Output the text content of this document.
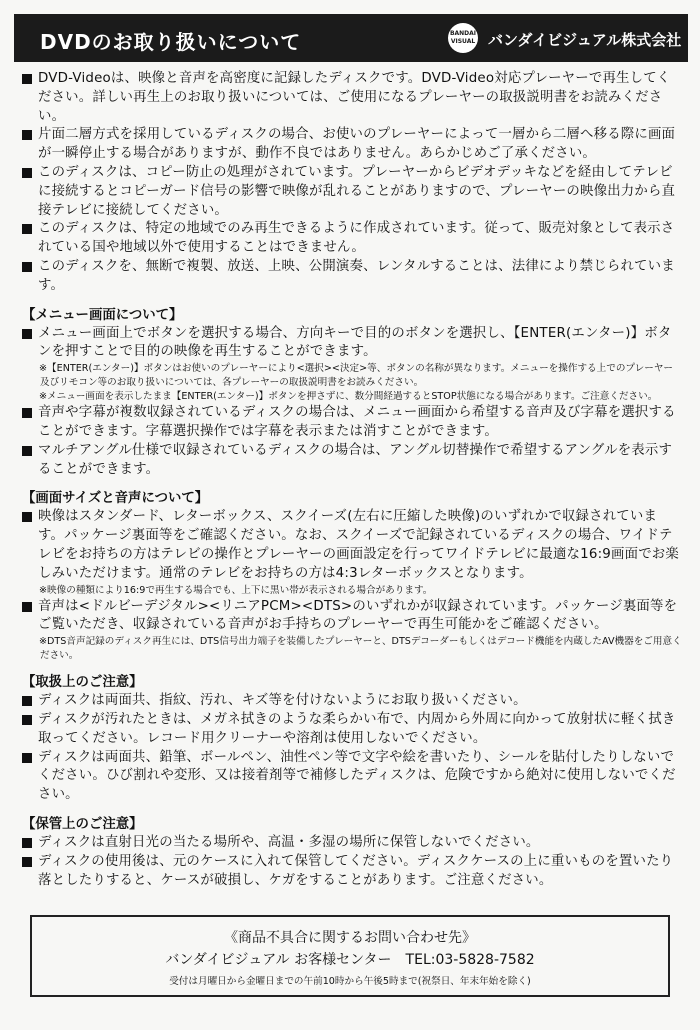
DVDのお取り扱いについて	BANDAI
VISUAL バンダイビジュアル株式会社
DVD-Videoは、映像と音声を高密度に記録したディスクです。DVD-Video対応プレーヤーで再生してください。詳しい再生上のお取り扱いについては、ご使用になるプレーヤーの取扱説明書をお読みください。
片面二層方式を採用しているディスクの場合、お使いのプレーヤーによって一層から二層へ移る際に画面が一瞬停止する場合がありますが、動作不良ではありません。あらかじめご了承ください。
このディスクは、コピー防止の処理がされています。プレーヤーからビデオデッキなどを経由してテレビに接続するとコピーガード信号の影響で映像が乱れることがありますので、プレーヤーの映像出力から直接テレビに接続してください。
このディスクは、特定の地域でのみ再生できるように作成されています。従って、販売対象として表示されている国や地域以外で使用することはできません。
このディスクを、無断で複製、放送、上映、公開演奏、レンタルすることは、法律により禁じられています。
【メニュー画面について】
メニュー画面上でボタンを選択する場合、方向キーで目的のボタンを選択し、【ENTER(エンター)】ボタンを押すことで目的の映像を再生することができます。
※【ENTER(エンター)】ボタンはお使いのプレーヤーにより<選択><決定>等、ボタンの名称が異なります。メニューを操作する上でのプレーヤー及びリモコン等のお取り扱いについては、各プレーヤーの取扱説明書をお読みください。
※メニュー画面を表示したまま【ENTER(エンター)】ボタンを押さずに、数分間経過するとSTOP状態になる場合があります。ご注意ください。
音声や字幕が複数収録されているディスクの場合は、メニュー画面から希望する音声及び字幕を選択することができます。字幕選択操作では字幕を表示または消すことができます。
マルチアングル仕様で収録されているディスクの場合は、アングル切替操作で希望するアングルを表示することができます。
【画面サイズと音声について】
映像はスタンダード、レターボックス、スクイーズ(左右に圧縮した映像)のいずれかで収録されています。パッケージ裏面等をご確認ください。なお、スクイーズで記録されているディスクの場合、ワイドテレビをお持ちの方はテレビの操作とプレーヤーの画面設定を行ってワイドテレビに最適な16:9画面でお楽しみいただけます。通常のテレビをお持ちの方は4:3レターボックスとなります。
※映像の種類により16:9で再生する場合でも、上下に黒い帯が表示される場合があります。
音声は<ドルビーデジタル><リニアPCM><DTS>のいずれかが収録されています。パッケージ裏面等をご覧いただき、収録されている音声がお手持ちのプレーヤーで再生可能かをご確認ください。
※DTS音声記録のディスク再生には、DTS信号出力端子を装備したプレーヤーと、DTSデコーダーもしくはデコード機能を内蔵したAV機器をご用意ください。
【取扱上のご注意】
ディスクは両面共、指紋、汚れ、キズ等を付けないようにお取り扱いください。
ディスクが汚れたときは、メガネ拭きのような柔らかい布で、内周から外周に向かって放射状に軽く拭き取ってください。レコード用クリーナーや溶剤は使用しないでください。
ディスクは両面共、鉛筆、ボールペン、油性ペン等で文字や絵を書いたり、シールを貼付したりしないでください。ひび割れや変形、又は接着剤等で補修したディスクは、危険ですから絶対に使用しないでください。
【保管上のご注意】
ディスクは直射日光の当たる場所や、高温・多湿の場所に保管しないでください。
ディスクの使用後は、元のケースに入れて保管してください。ディスクケースの上に重いものを置いたり落としたりすると、ケースが破損し、ケガをすることがあります。ご注意ください。
《商品不具合に関するお問い合わせ先》
バンダイビジュアル お客様センター　TEL:03-5828-7582
受付は月曜日から金曜日までの午前10時から午後5時まで(祝祭日、年末年始を除く)
